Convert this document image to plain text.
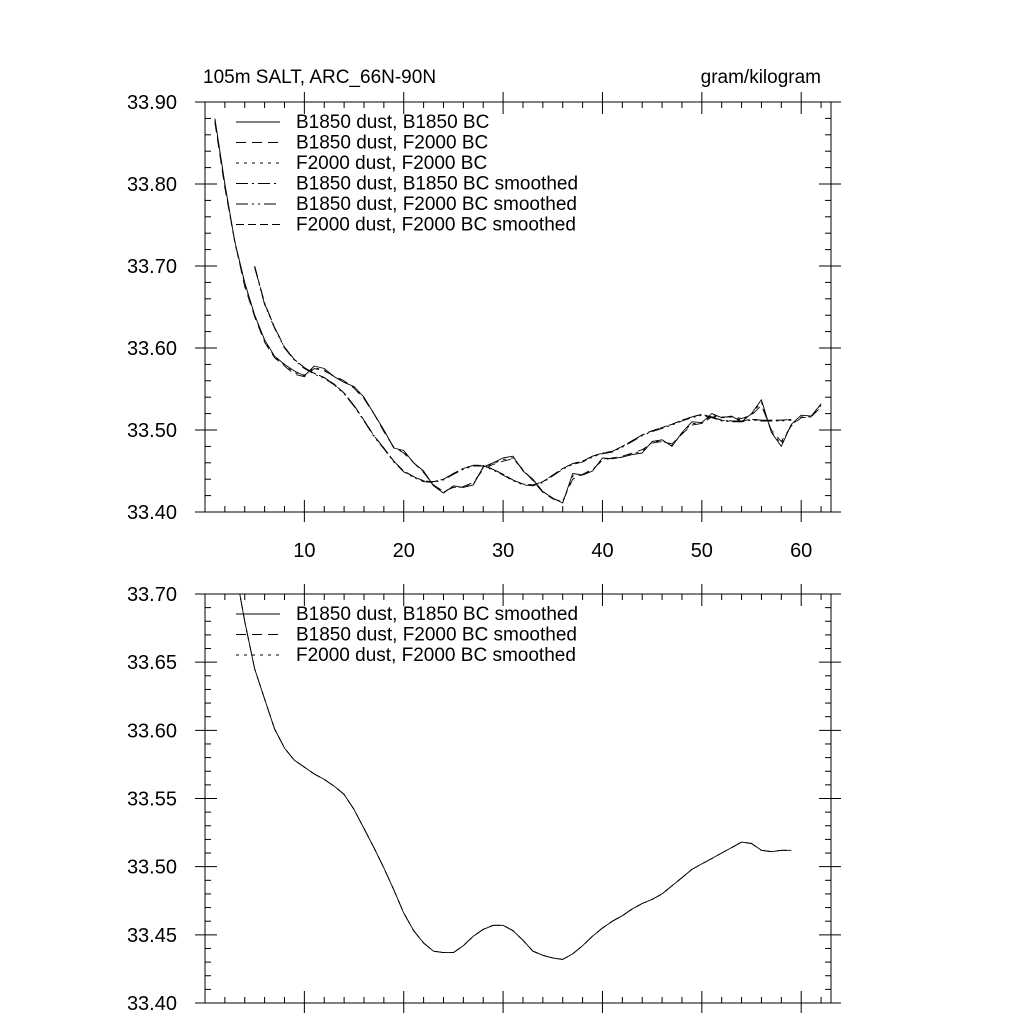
105m SALT, ARC_66N-90N	gram/kilogram
10	20	30	40	50	60
33.40
33.50
33.60
33.70
33.80
33.90
B1850 dust, B1850 BC
B1850 dust, F2000 BC
F2000 dust, F2000 BC
B1850 dust, B1850 BC smoothed
B1850 dust, F2000 BC smoothed
F2000 dust, F2000 BC smoothed
33.40
33.45
33.50
33.55
33.60
33.65
33.70
B1850 dust, B1850 BC smoothed
B1850 dust, F2000 BC smoothed
F2000 dust, F2000 BC smoothed
